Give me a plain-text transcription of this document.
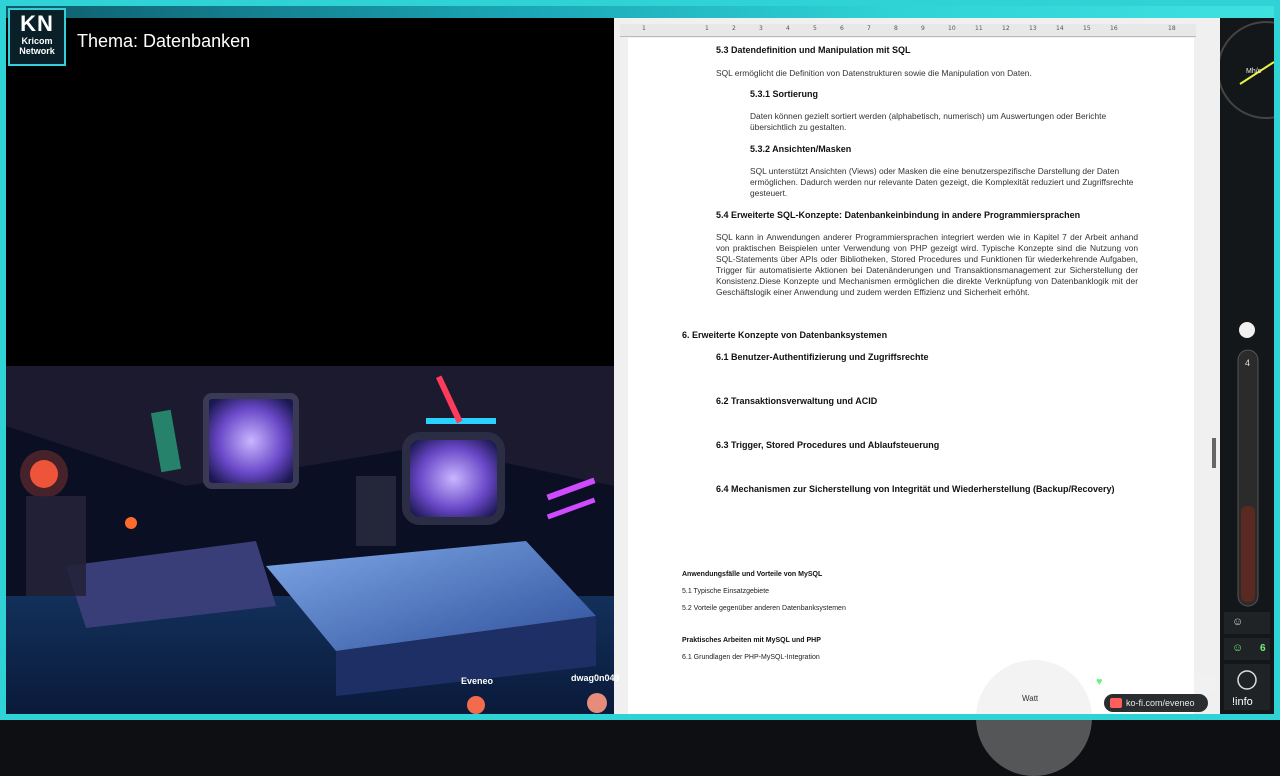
KN
Kricom
Network	Thema: Datenbanken
1	1	2	3	4	5	6	7	8	9	10	11	12	13	14	15	16	18
5.3 Datendefinition und Manipulation mit SQL
SQL ermöglicht die Definition von Datenstrukturen sowie die Manipulation von Daten.
5.3.1 Sortierung
Daten können gezielt sortiert werden (alphabetisch, numerisch) um Auswertungen oder Berichte übersichtlich zu gestalten.
5.3.2 Ansichten/Masken
SQL unterstützt Ansichten (Views) oder Masken die eine benutzerspezifische Darstellung der Daten ermöglichen. Dadurch werden nur relevante Daten gezeigt, die Komplexität reduziert und Zugriffsrechte gesteuert.
5.4 Erweiterte SQL-Konzepte: Datenbankeinbindung in andere Programmiersprachen
SQL kann in Anwendungen anderer Programmiersprachen integriert werden wie in Kapitel 7 der Arbeit anhand von praktischen Beispielen unter Verwendung von PHP gezeigt wird. Typische Konzepte sind die Nutzung von SQL-Statements über APIs oder Bibliotheken, Stored Procedures und Funktionen für wiederkehrende Aufgaben, Trigger für automatisierte Aktionen bei Datenänderungen und Transaktionsmanagement zur Sicherstellung der Konsistenz.Diese Konzepte und Mechanismen ermöglichen die direkte Verknüpfung von Datenbanklogik mit der Geschäftslogik einer Anwendung und zudem werden Effizienz und Sicherheit erhöht.
6. Erweiterte Konzepte von Datenbanksystemen
6.1 Benutzer-Authentifizierung und Zugriffsrechte
6.2 Transaktionsverwaltung und ACID
6.3 Trigger, Stored Procedures und Ablaufsteuerung
6.4 Mechanismen zur Sicherstellung von Integrität und Wiederherstellung (Backup/Recovery)
Anwendungsfälle und Vorteile von MySQL
5.1 Typische Einsatzgebiete
5.2 Vorteile gegenüber anderen Datenbanksystemen
Praktisches Arbeiten mit MySQL und PHP
6.1 Grundlagen der PHP-MySQL-Integration
Mh/s
4
☺
☺ 6
!info
Watt
♥
ko-fi.com/eveneo
Eveneo	dwag0n049
